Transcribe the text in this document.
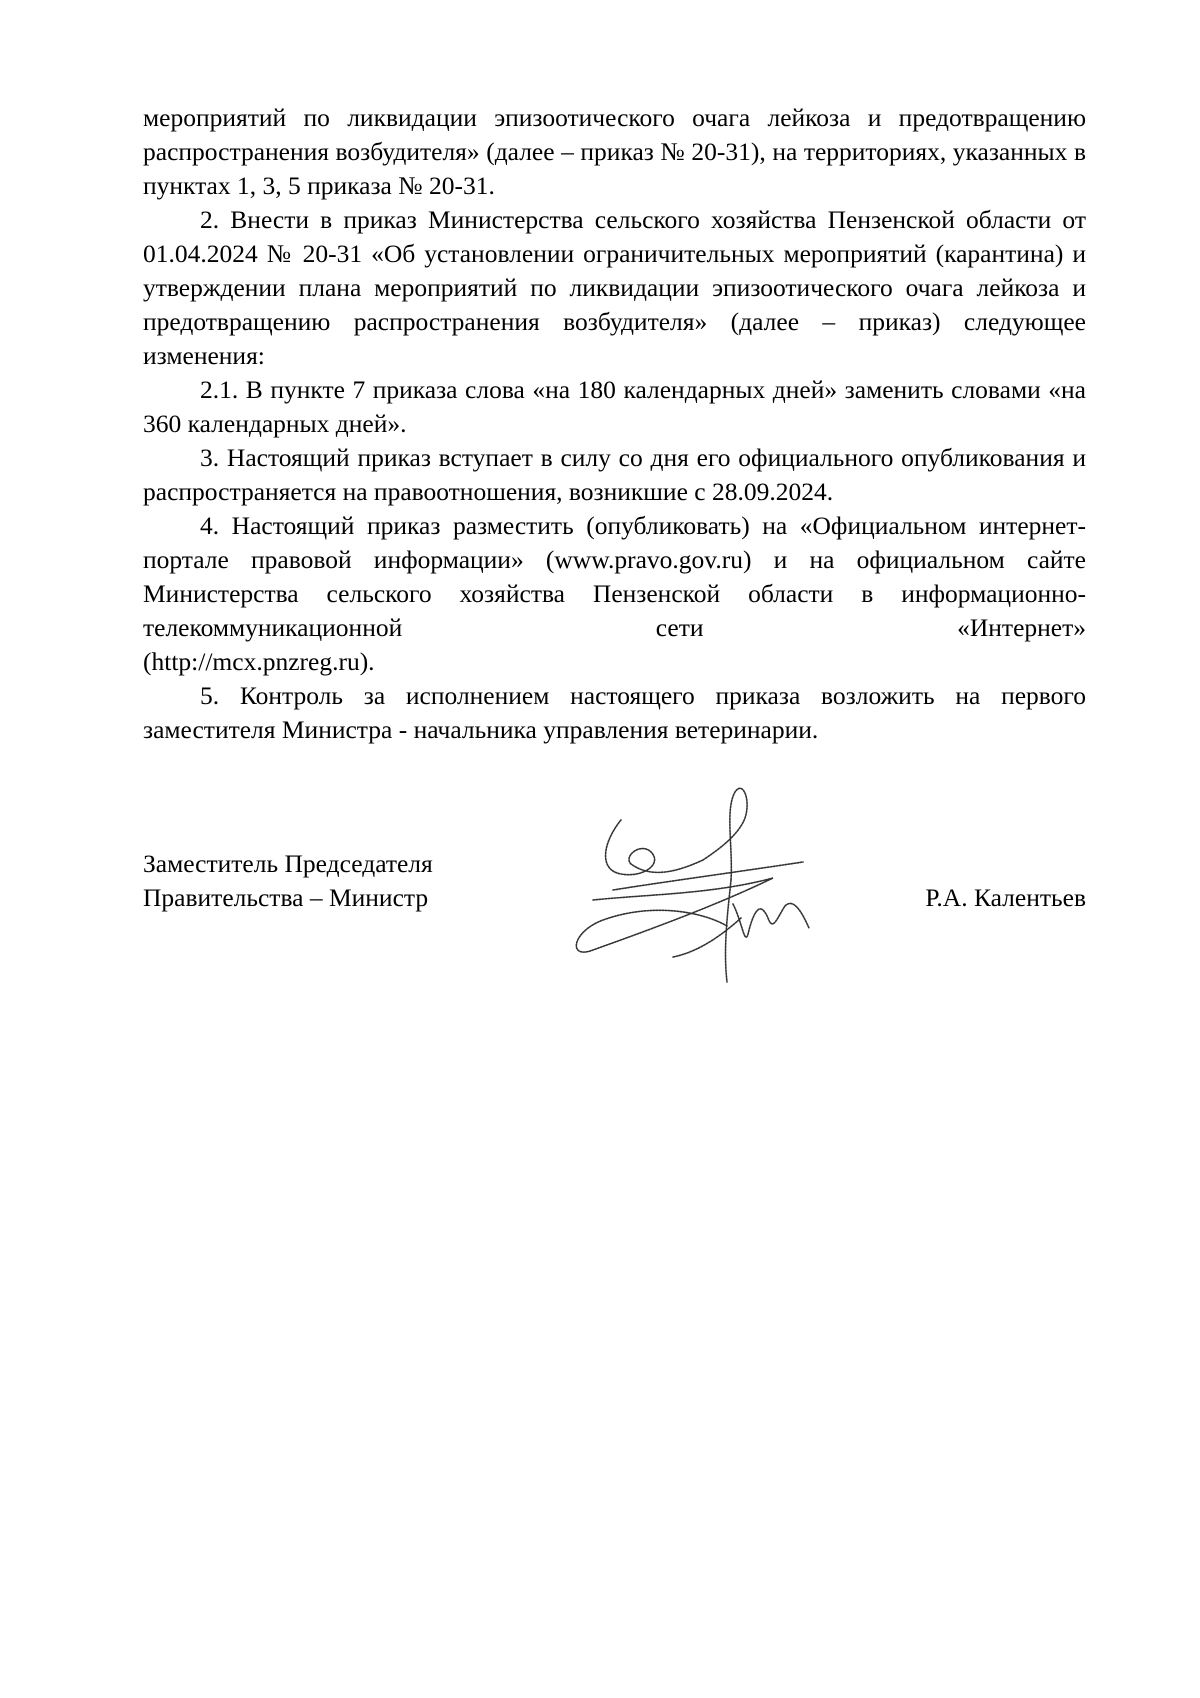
мероприятий по ликвидации эпизоотического очага лейкоза и предотвращению распространения возбудителя» (далее – приказ № 20-31), на территориях, указанных в пунктах 1, 3, 5 приказа № 20-31.

2. Внести в приказ Министерства сельского хозяйства Пензенской области от 01.04.2024 № 20-31 «Об установлении ограничительных мероприятий (карантина) и утверждении плана мероприятий по ликвидации эпизоотического очага лейкоза и предотвращению распространения возбудителя» (далее – приказ) следующее изменения:

2.1. В пункте 7 приказа слова «на 180 календарных дней» заменить словами «на 360 календарных дней».

3. Настоящий приказ вступает в силу со дня его официального опубликования и распространяется на правоотношения, возникшие с 28.09.2024.

4. Настоящий приказ разместить (опубликовать) на «Официальном интернет-портале правовой информации» (www.pravo.gov.ru) и на официальном сайте Министерства сельского хозяйства Пензенской области в информационно-телекоммуникационной сети «Интернет»

(http://mcx.pnzreg.ru).

5. Контроль за исполнением настоящего приказа возложить на первого заместителя Министра - начальника управления ветеринарии.

Заместитель Председателя
Правительства – Министр	Р.А. Калентьев
